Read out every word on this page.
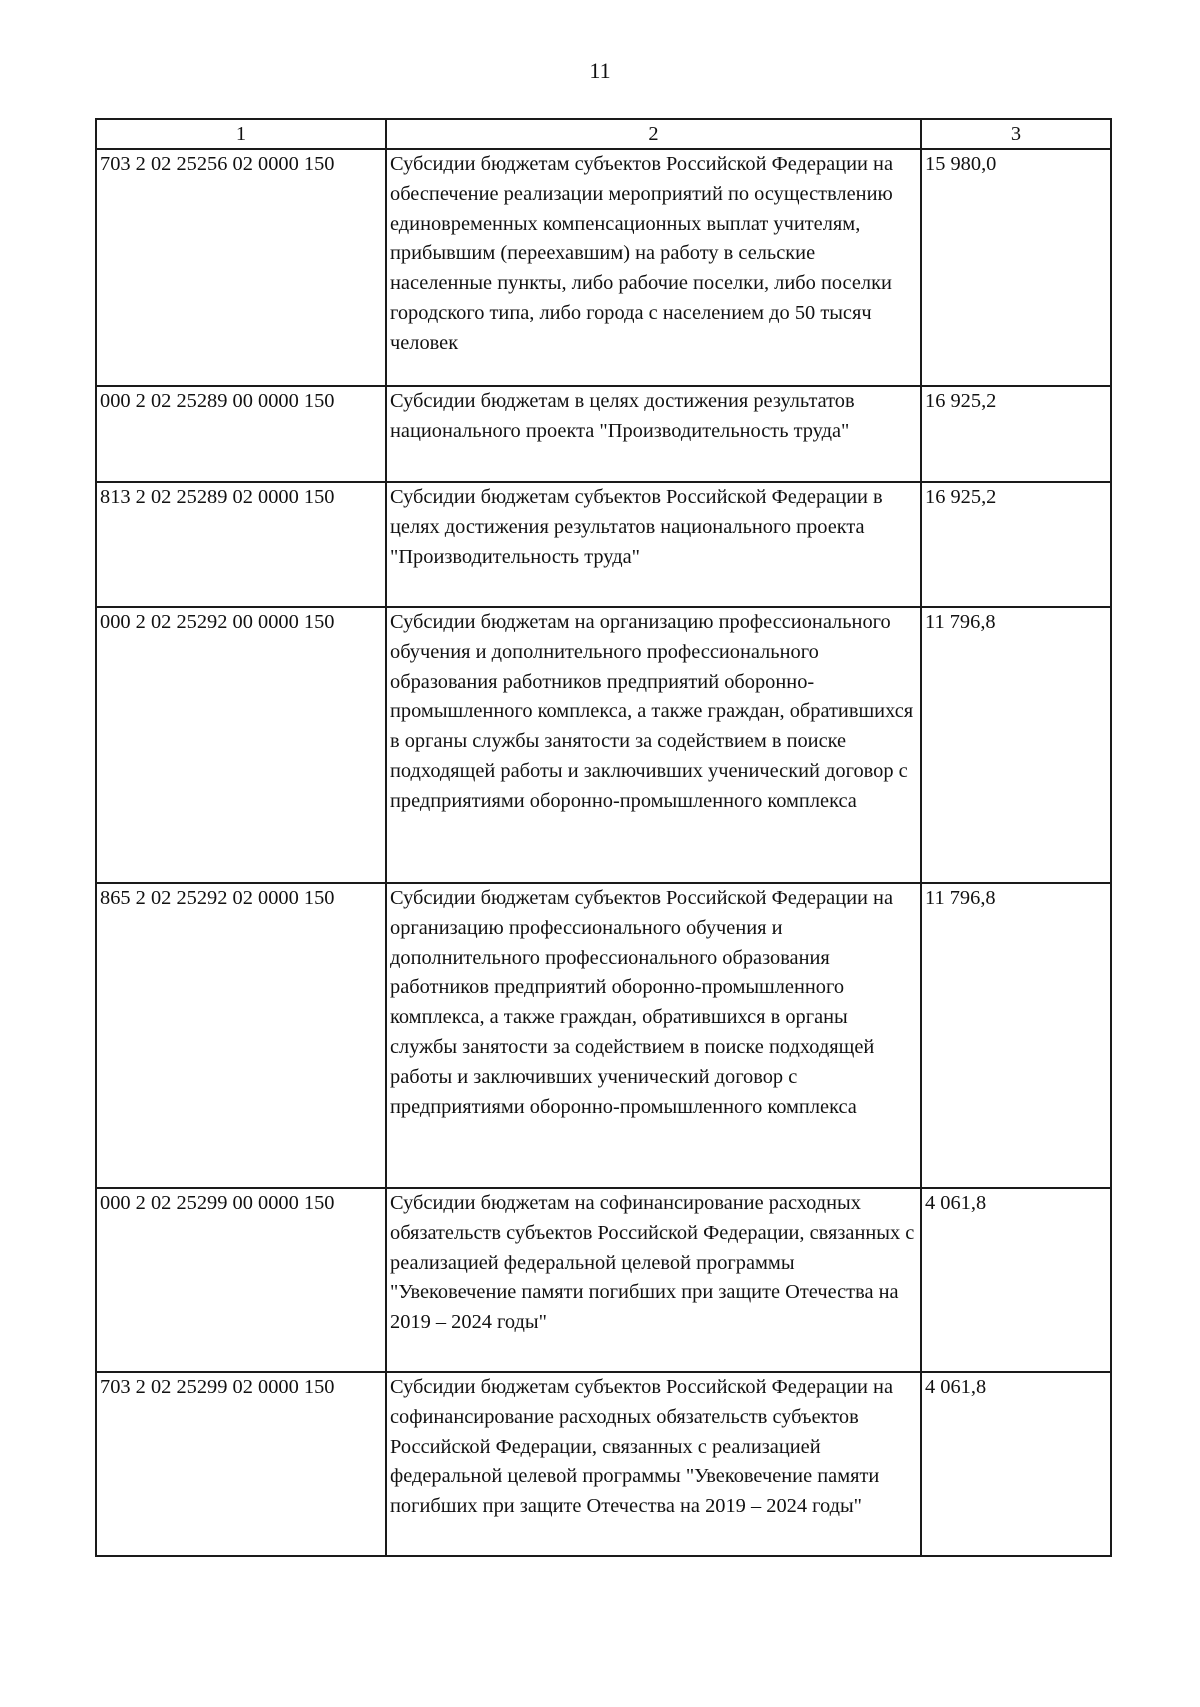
11
1	2	3
703 2 02 25256 02 0000 150	Субсидии бюджетам субъектов Российской Федерации на обеспечение реализации мероприятий по осуществлению единовременных компенсационных выплат учителям, прибывшим (переехавшим) на работу в сельские населенные пункты, либо рабочие поселки, либо поселки городского типа, либо города с населением до 50 тысяч человек	15 980,0
000 2 02 25289 00 0000 150	Субсидии бюджетам в целях достижения результатов национального проекта "Производительность труда"	16 925,2
813 2 02 25289 02 0000 150	Субсидии бюджетам субъектов Российской Федерации в целях достижения результатов национального проекта "Производительность труда"	16 925,2
000 2 02 25292 00 0000 150	Субсидии бюджетам на организацию профессионального обучения и дополнительного профессионального образования работников предприятий оборонно-промышленного комплекса, а также граждан, обратившихся в органы службы занятости за содействием в поиске подходящей работы и заключивших ученический договор с предприятиями оборонно-промышленного комплекса	11 796,8
865 2 02 25292 02 0000 150	Субсидии бюджетам субъектов Российской Федерации на организацию профессионального обучения и дополнительного профессионального образования работников предприятий оборонно-промышленного комплекса, а также граждан, обратившихся в органы службы занятости за содействием в поиске подходящей работы и заключивших ученический договор с предприятиями оборонно-промышленного комплекса	11 796,8
000 2 02 25299 00 0000 150	Субсидии бюджетам на софинансирование расходных обязательств субъектов Российской Федерации, связанных с реализацией федеральной целевой программы "Увековечение памяти погибших при защите Отечества на 2019 – 2024 годы"	4 061,8
703 2 02 25299 02 0000 150	Субсидии бюджетам субъектов Российской Федерации на софинансирование расходных обязательств субъектов Российской Федерации, связанных с реализацией федеральной целевой программы "Увековечение памяти погибших при защите Отечества на 2019 – 2024 годы"	4 061,8
